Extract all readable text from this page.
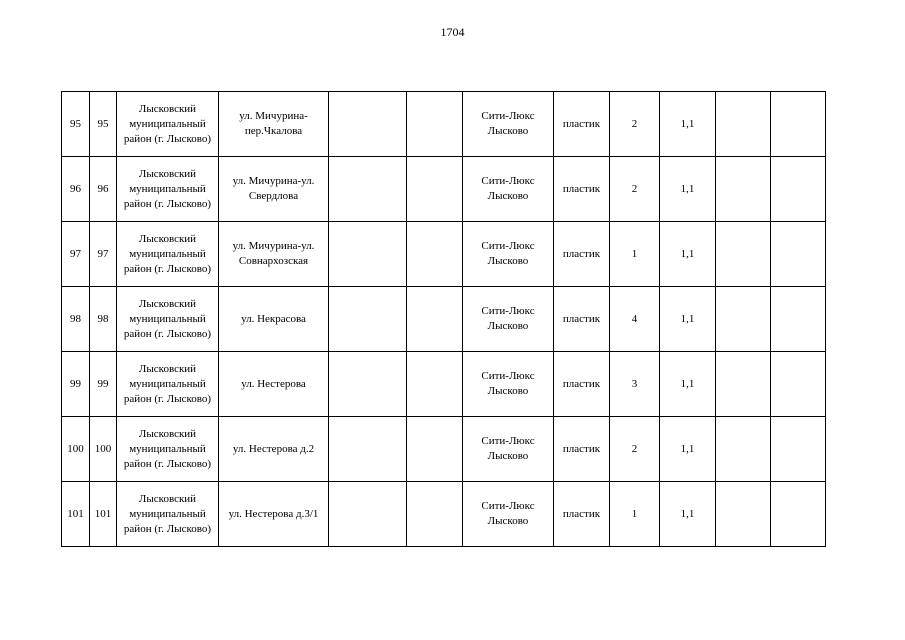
1704
95	95	Лысковский
муниципальный
район (г. Лысково)	ул. Мичурина-
пер.Чкалова			Сити-Люкс
Лысково	пластик	2	1,1		
96	96	Лысковский
муниципальный
район (г. Лысково)	ул. Мичурина-ул.
Свердлова			Сити-Люкс
Лысково	пластик	2	1,1		
97	97	Лысковский
муниципальный
район (г. Лысково)	ул. Мичурина-ул.
Совнархозская			Сити-Люкс
Лысково	пластик	1	1,1		
98	98	Лысковский
муниципальный
район (г. Лысково)	ул. Некрасова			Сити-Люкс
Лысково	пластик	4	1,1		
99	99	Лысковский
муниципальный
район (г. Лысково)	ул. Нестерова			Сити-Люкс
Лысково	пластик	3	1,1		
100	100	Лысковский
муниципальный
район (г. Лысково)	ул. Нестерова д.2			Сити-Люкс
Лысково	пластик	2	1,1		
101	101	Лысковский
муниципальный
район (г. Лысково)	ул. Нестерова д.3/1			Сити-Люкс
Лысково	пластик	1	1,1		
